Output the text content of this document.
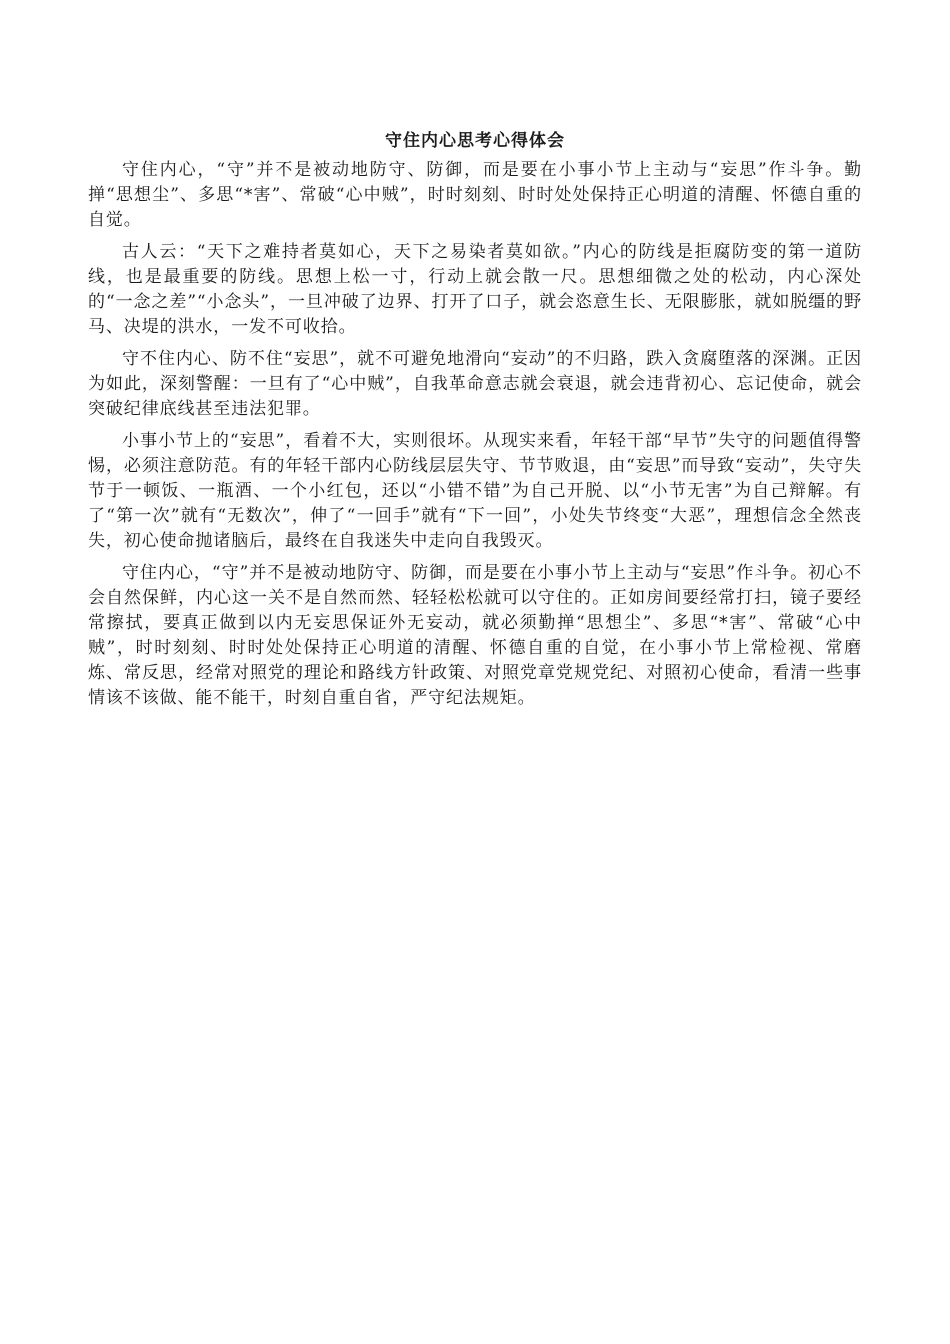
守住内心思考心得体会

守住内心，“守”并不是被动地防守、防御，而是要在小事小节上主动与“妄思”作斗争。勤掸“思想尘”、多思“*害”、常破“心中贼”，时时刻刻、时时处处保持正心明道的清醒、怀德自重的自觉。

古人云：“天下之难持者莫如心，天下之易染者莫如欲。”内心的防线是拒腐防变的第一道防线，也是最重要的防线。思想上松一寸，行动上就会散一尺。思想细微之处的松动，内心深处的“一念之差”“小念头”，一旦冲破了边界、打开了口子，就会恣意生长、无限膨胀，就如脱缰的野马、决堤的洪水，一发不可收拾。

守不住内心、防不住“妄思”，就不可避免地滑向“妄动”的不归路，跌入贪腐堕落的深渊。正因为如此，深刻警醒：一旦有了“心中贼”，自我革命意志就会衰退，就会违背初心、忘记使命，就会突破纪律底线甚至违法犯罪。

小事小节上的“妄思”，看着不大，实则很坏。从现实来看，年轻干部“早节”失守的问题值得警惕，必须注意防范。有的年轻干部内心防线层层失守、节节败退，由“妄思”而导致“妄动”，失守失节于一顿饭、一瓶酒、一个小红包，还以“小错不错”为自己开脱、以“小节无害”为自己辩解。有了“第一次”就有“无数次”，伸了“一回手”就有“下一回”，小处失节终变“大恶”，理想信念全然丧失，初心使命抛诸脑后，最终在自我迷失中走向自我毁灭。

守住内心，“守”并不是被动地防守、防御，而是要在小事小节上主动与“妄思”作斗争。初心不会自然保鲜，内心这一关不是自然而然、轻轻松松就可以守住的。正如房间要经常打扫，镜子要经常擦拭，要真正做到以内无妄思保证外无妄动，就必须勤掸“思想尘”、多思“*害”、常破“心中贼”，时时刻刻、时时处处保持正心明道的清醒、怀德自重的自觉，在小事小节上常检视、常磨炼、常反思，经常对照党的理论和路线方针政策、对照党章党规党纪、对照初心使命，看清一些事情该不该做、能不能干，时刻自重自省，严守纪法规矩。
